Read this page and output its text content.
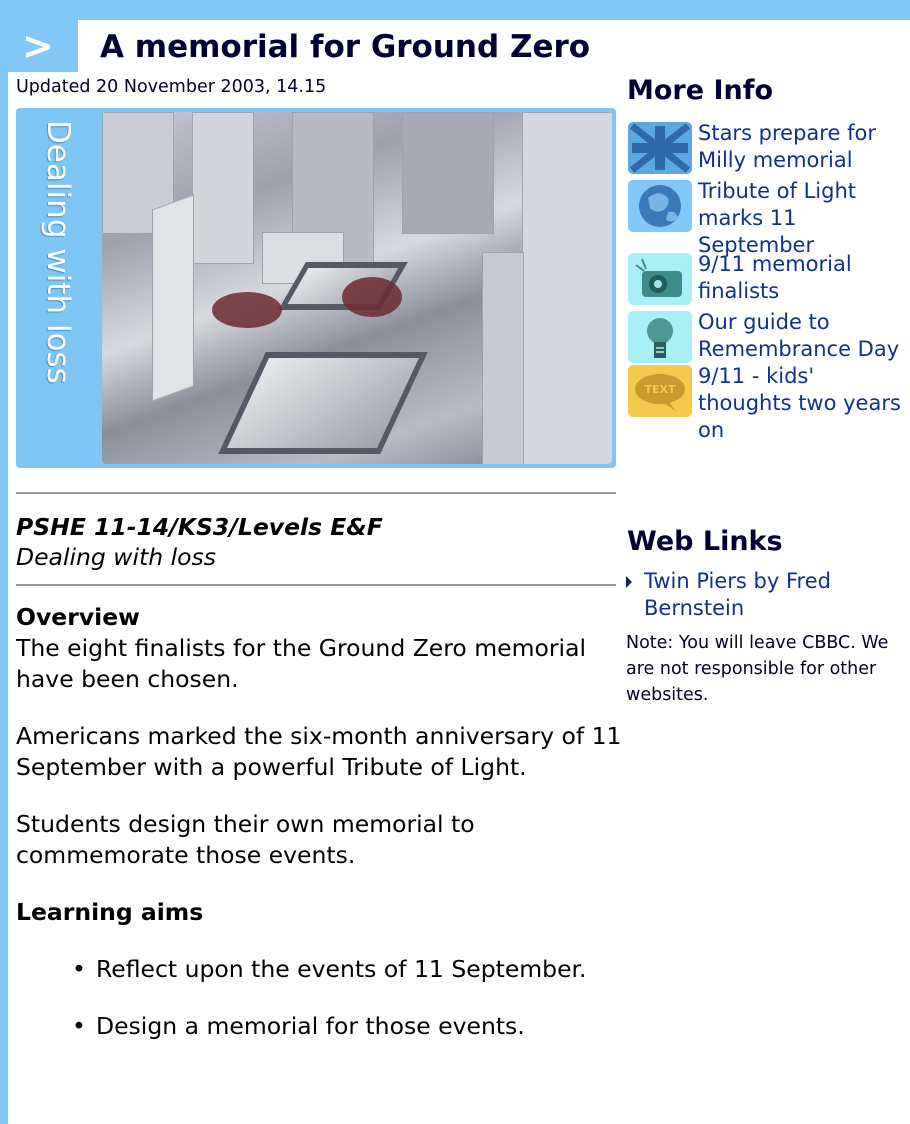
> A memorial for Ground Zero
Updated 20 November 2003, 14.15
Dealing with loss
PSHE 11-14/KS3/Levels E&F
Dealing with loss
Overview

The eight finalists for the Ground Zero memorial have been chosen.

Americans marked the six-month anniversary of 11 September with a powerful Tribute of Light.

Students design their own memorial to commemorate those events.

Learning aims
• Reflect upon the events of 11 September.
• Design a memorial for those events.
More Info
Stars prepare for Milly memorial
Tribute of Light marks 11 September
9/11 memorial finalists
Our guide to Remembrance Day
TEXT
9/11 - kids' thoughts two years on
Web Links
Twin Piers by Fred Bernstein
Note: You will leave CBBC. We are not responsible for other websites.
